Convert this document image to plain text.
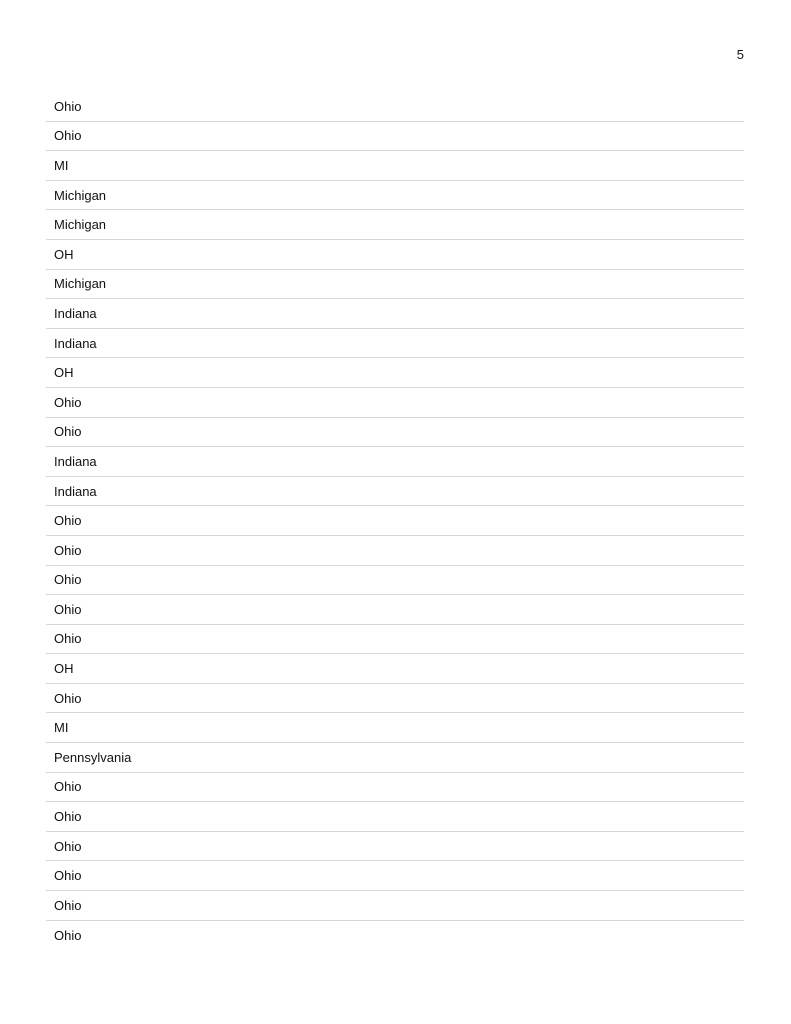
5
Ohio
Ohio
MI
Michigan
Michigan
OH
Michigan
Indiana
Indiana
OH
Ohio
Ohio
Indiana
Indiana
Ohio
Ohio
Ohio
Ohio
Ohio
OH
Ohio
MI
Pennsylvania
Ohio
Ohio
Ohio
Ohio
Ohio
Ohio
